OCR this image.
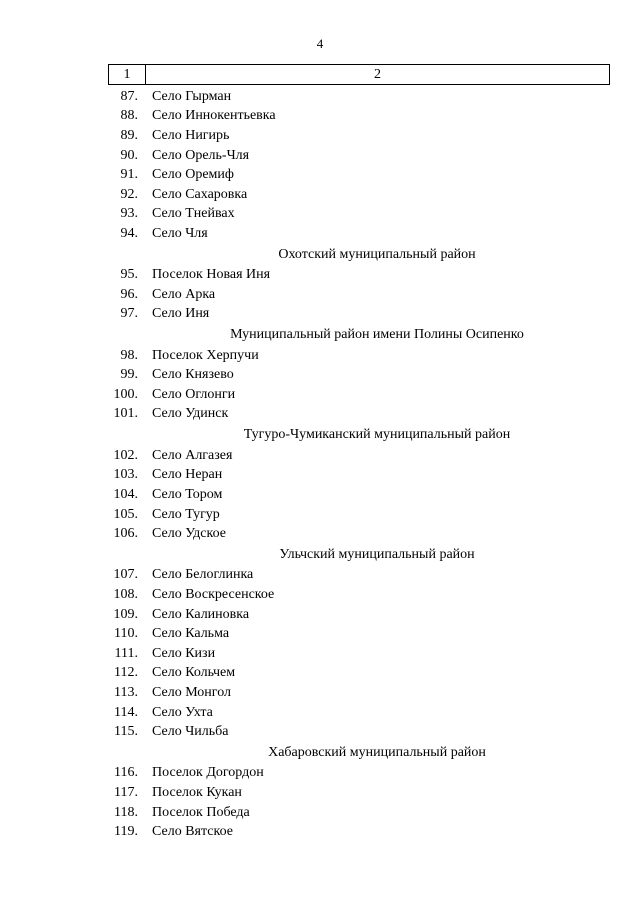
4
1	2
87. Село Гырман
88. Село Иннокентьевка
89. Село Нигирь
90. Село Орель-Чля
91. Село Оремиф
92. Село Сахаровка
93. Село Тнейвах
94. Село Чля
Охотский муниципальный район
95. Поселок Новая Иня
96. Село Арка
97. Село Иня
Муниципальный район имени Полины Осипенко
98. Поселок Херпучи
99. Село Князево
100. Село Оглонги
101. Село Удинск
Тугуро-Чумиканский муниципальный район
102. Село Алгазея
103. Село Неран
104. Село Тором
105. Село Тугур
106. Село Удское
Ульчский муниципальный район
107. Село Белоглинка
108. Село Воскресенское
109. Село Калиновка
110. Село Кальма
111. Село Кизи
112. Село Кольчем
113. Село Монгол
114. Село Ухта
115. Село Чильба
Хабаровский муниципальный район
116. Поселок Догордон
117. Поселок Кукан
118. Поселок Победа
119. Село Вятское
